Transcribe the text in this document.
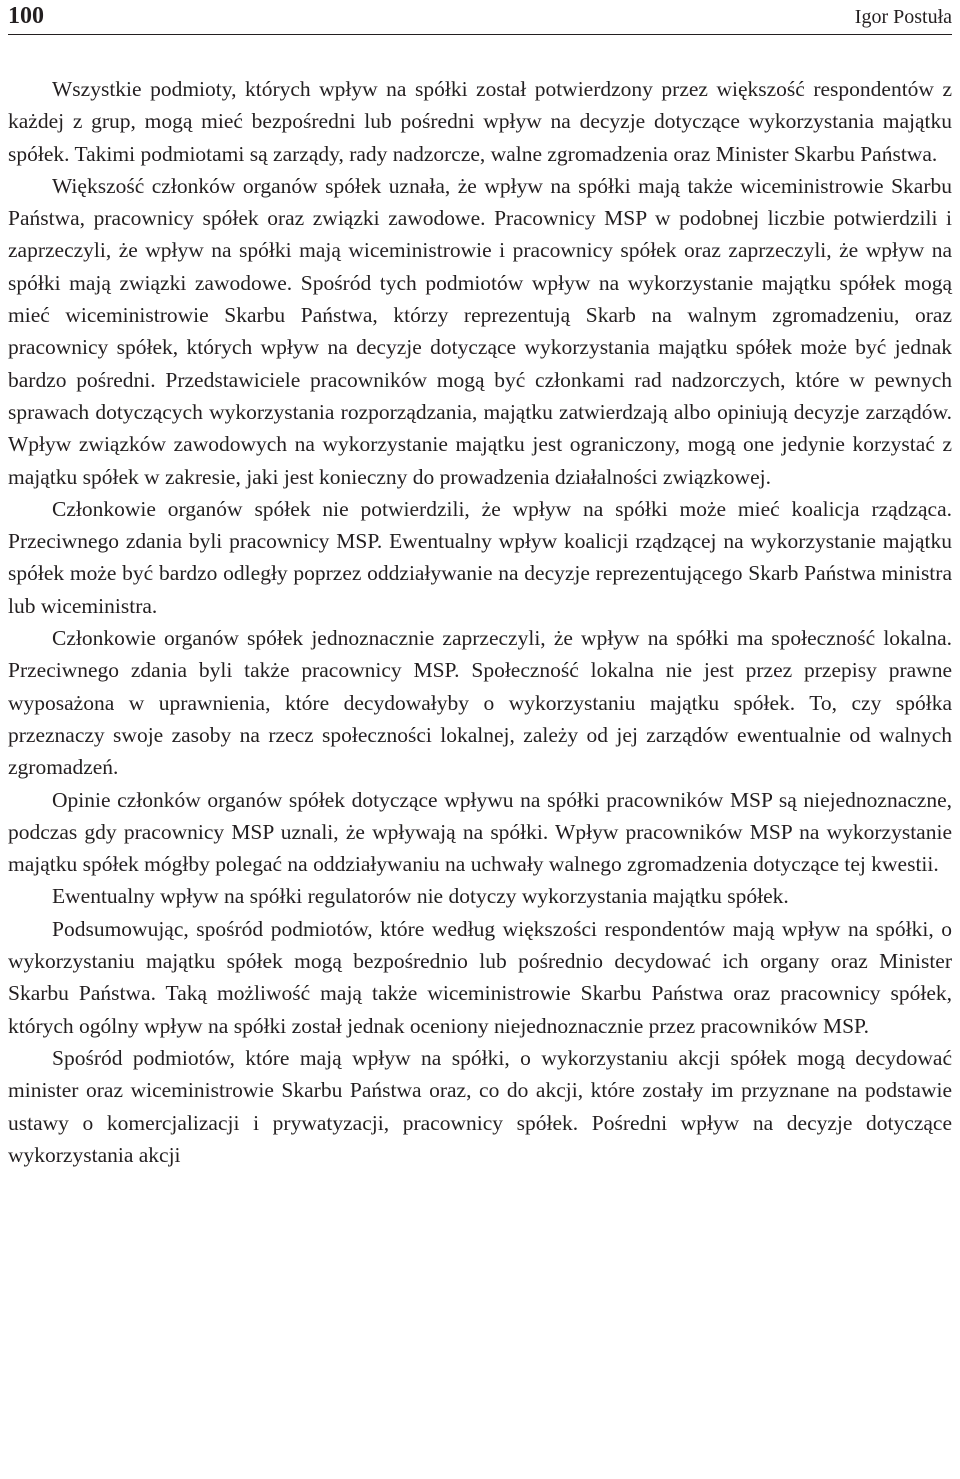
100	Igor Postuła

Wszystkie podmioty, których wpływ na spółki został potwierdzony przez większość respondentów z każdej z grup, mogą mieć bezpośredni lub pośredni wpływ na decyzje dotyczące wykorzystania majątku spółek. Takimi podmiotami są zarządy, rady nadzorcze, walne zgromadzenia oraz Minister Skarbu Państwa.

Większość członków organów spółek uznała, że wpływ na spółki mają także wiceministrowie Skarbu Państwa, pracownicy spółek oraz związki zawodowe. Pracownicy MSP w podobnej liczbie potwierdzili i zaprzeczyli, że wpływ na spółki mają wiceministrowie i pracownicy spółek oraz zaprzeczyli, że wpływ na spółki mają związki zawodowe. Spośród tych podmiotów wpływ na wykorzystanie majątku spółek mogą mieć wiceministrowie Skarbu Państwa, którzy reprezentują Skarb na walnym zgromadzeniu, oraz pracownicy spółek, których wpływ na decyzje dotyczące wykorzystania majątku spółek może być jednak bardzo pośredni. Przedstawiciele pracowników mogą być członkami rad nadzorczych, które w pewnych sprawach dotyczących wykorzystania rozporządzania, majątku zatwierdzają albo opiniują decyzje zarządów. Wpływ związków zawodowych na wykorzystanie majątku jest ograniczony, mogą one jedynie korzystać z majątku spółek w zakresie, jaki jest konieczny do prowadzenia działalności związkowej.

Członkowie organów spółek nie potwierdzili, że wpływ na spółki może mieć koalicja rządząca. Przeciwnego zdania byli pracownicy MSP. Ewentualny wpływ koalicji rządzącej na wykorzystanie majątku spółek może być bardzo odległy poprzez oddziaływanie na decyzje reprezentującego Skarb Państwa ministra lub wiceministra.

Członkowie organów spółek jednoznacznie zaprzeczyli, że wpływ na spółki ma społeczność lokalna. Przeciwnego zdania byli także pracownicy MSP. Społeczność lokalna nie jest przez przepisy prawne wyposażona w uprawnienia, które decydowałyby o wykorzystaniu majątku spółek. To, czy spółka przeznaczy swoje zasoby na rzecz społeczności lokalnej, zależy od jej zarządów ewentualnie od walnych zgromadzeń.

Opinie członków organów spółek dotyczące wpływu na spółki pracowników MSP są niejednoznaczne, podczas gdy pracownicy MSP uznali, że wpływają na spółki. Wpływ pracowników MSP na wykorzystanie majątku spółek mógłby polegać na oddziaływaniu na uchwały walnego zgromadzenia dotyczące tej kwestii.

Ewentualny wpływ na spółki regulatorów nie dotyczy wykorzystania majątku spółek.

Podsumowując, spośród podmiotów, które według większości respondentów mają wpływ na spółki, o wykorzystaniu majątku spółek mogą bezpośrednio lub pośrednio decydować ich organy oraz Minister Skarbu Państwa. Taką możliwość mają także wiceministrowie Skarbu Państwa oraz pracownicy spółek, których ogólny wpływ na spółki został jednak oceniony niejednoznacznie przez pracowników MSP.

Spośród podmiotów, które mają wpływ na spółki, o wykorzystaniu akcji spółek mogą decydować minister oraz wiceministrowie Skarbu Państwa oraz, co do akcji, które zostały im przyznane na podstawie ustawy o komercjalizacji i prywatyzacji, pracownicy spółek. Pośredni wpływ na decyzje dotyczące wykorzystania akcji
